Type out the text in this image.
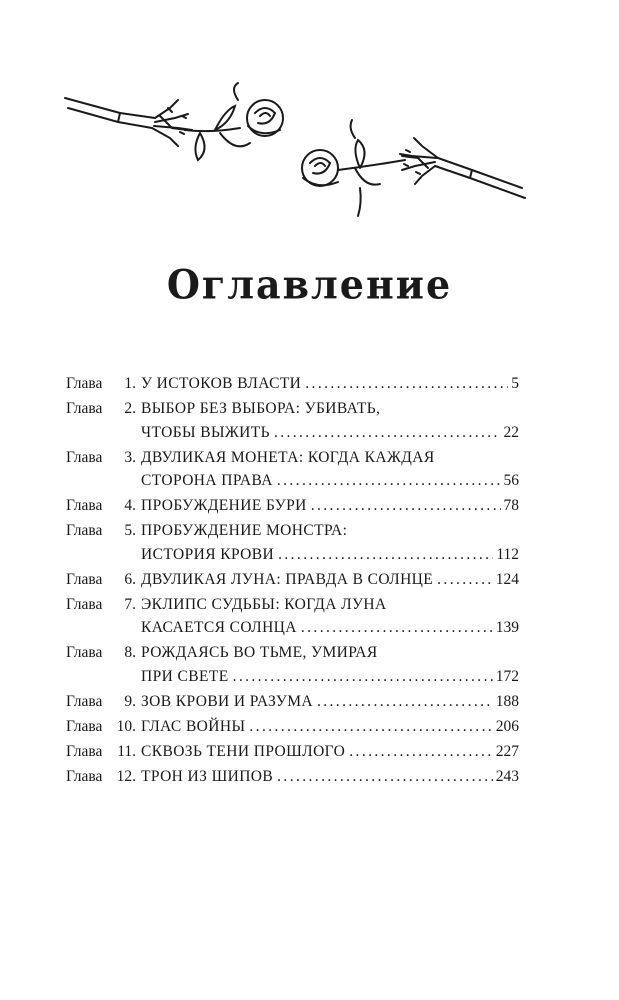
Оглавление
Глава	1. У ИСТОКОВ ВЛАСТИ .....	5
Глава	2. ВЫБОР БЕЗ ВЫБОРА: УБИВАТЬ,
ЧТОБЫ ВЫЖИТЬ .....	22
Глава	3. ДВУЛИКАЯ МОНЕТА: КОГДА КАЖДАЯ
СТОРОНА ПРАВА .....	56
Глава	4. ПРОБУЖДЕНИЕ БУРИ .....	78
Глава	5. ПРОБУЖДЕНИЕ МОНСТРА:
ИСТОРИЯ КРОВИ .....	112
Глава	6. ДВУЛИКАЯ ЛУНА: ПРАВДА В СОЛНЦЕ .....	124
Глава	7. ЭКЛИПС СУДЬБЫ: КОГДА ЛУНА
КАСАЕТСЯ СОЛНЦА .....	139
Глава	8. РОЖДАЯСЬ ВО ТЬМЕ, УМИРАЯ
ПРИ СВЕТЕ .....	172
Глава	9. ЗОВ КРОВИ И РАЗУМА .....	188
Глава 10. ГЛАС ВОЙНЫ .....	206
Глава 11. СКВОЗЬ ТЕНИ ПРОШЛОГО .....	227
Глава 12. ТРОН ИЗ ШИПОВ .....	243
